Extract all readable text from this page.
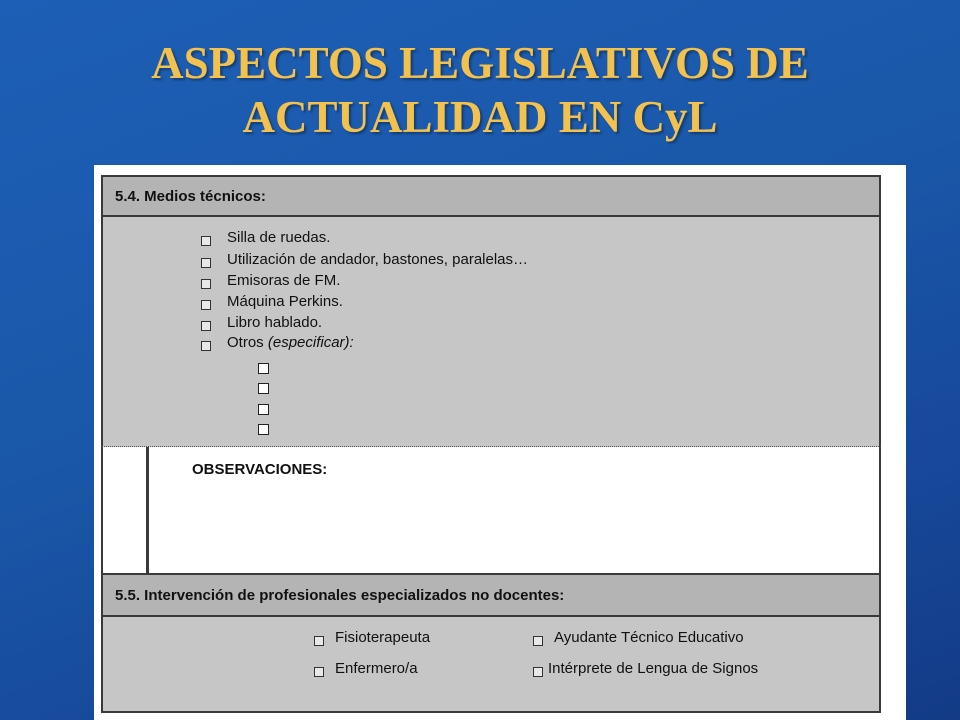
ASPECTOS LEGISLATIVOS DE
ACTUALIDAD EN CyL
5.4. Medios técnicos:
Silla de ruedas.
Utilización de andador, bastones, paralelas…
Emisoras de FM.
Máquina Perkins.
Libro hablado.
Otros (especificar):
OBSERVACIONES:
5.5. Intervención de profesionales especializados no docentes:
Fisioterapeuta	Ayudante Técnico Educativo
Enfermero/a	Intérprete de Lengua de Signos
